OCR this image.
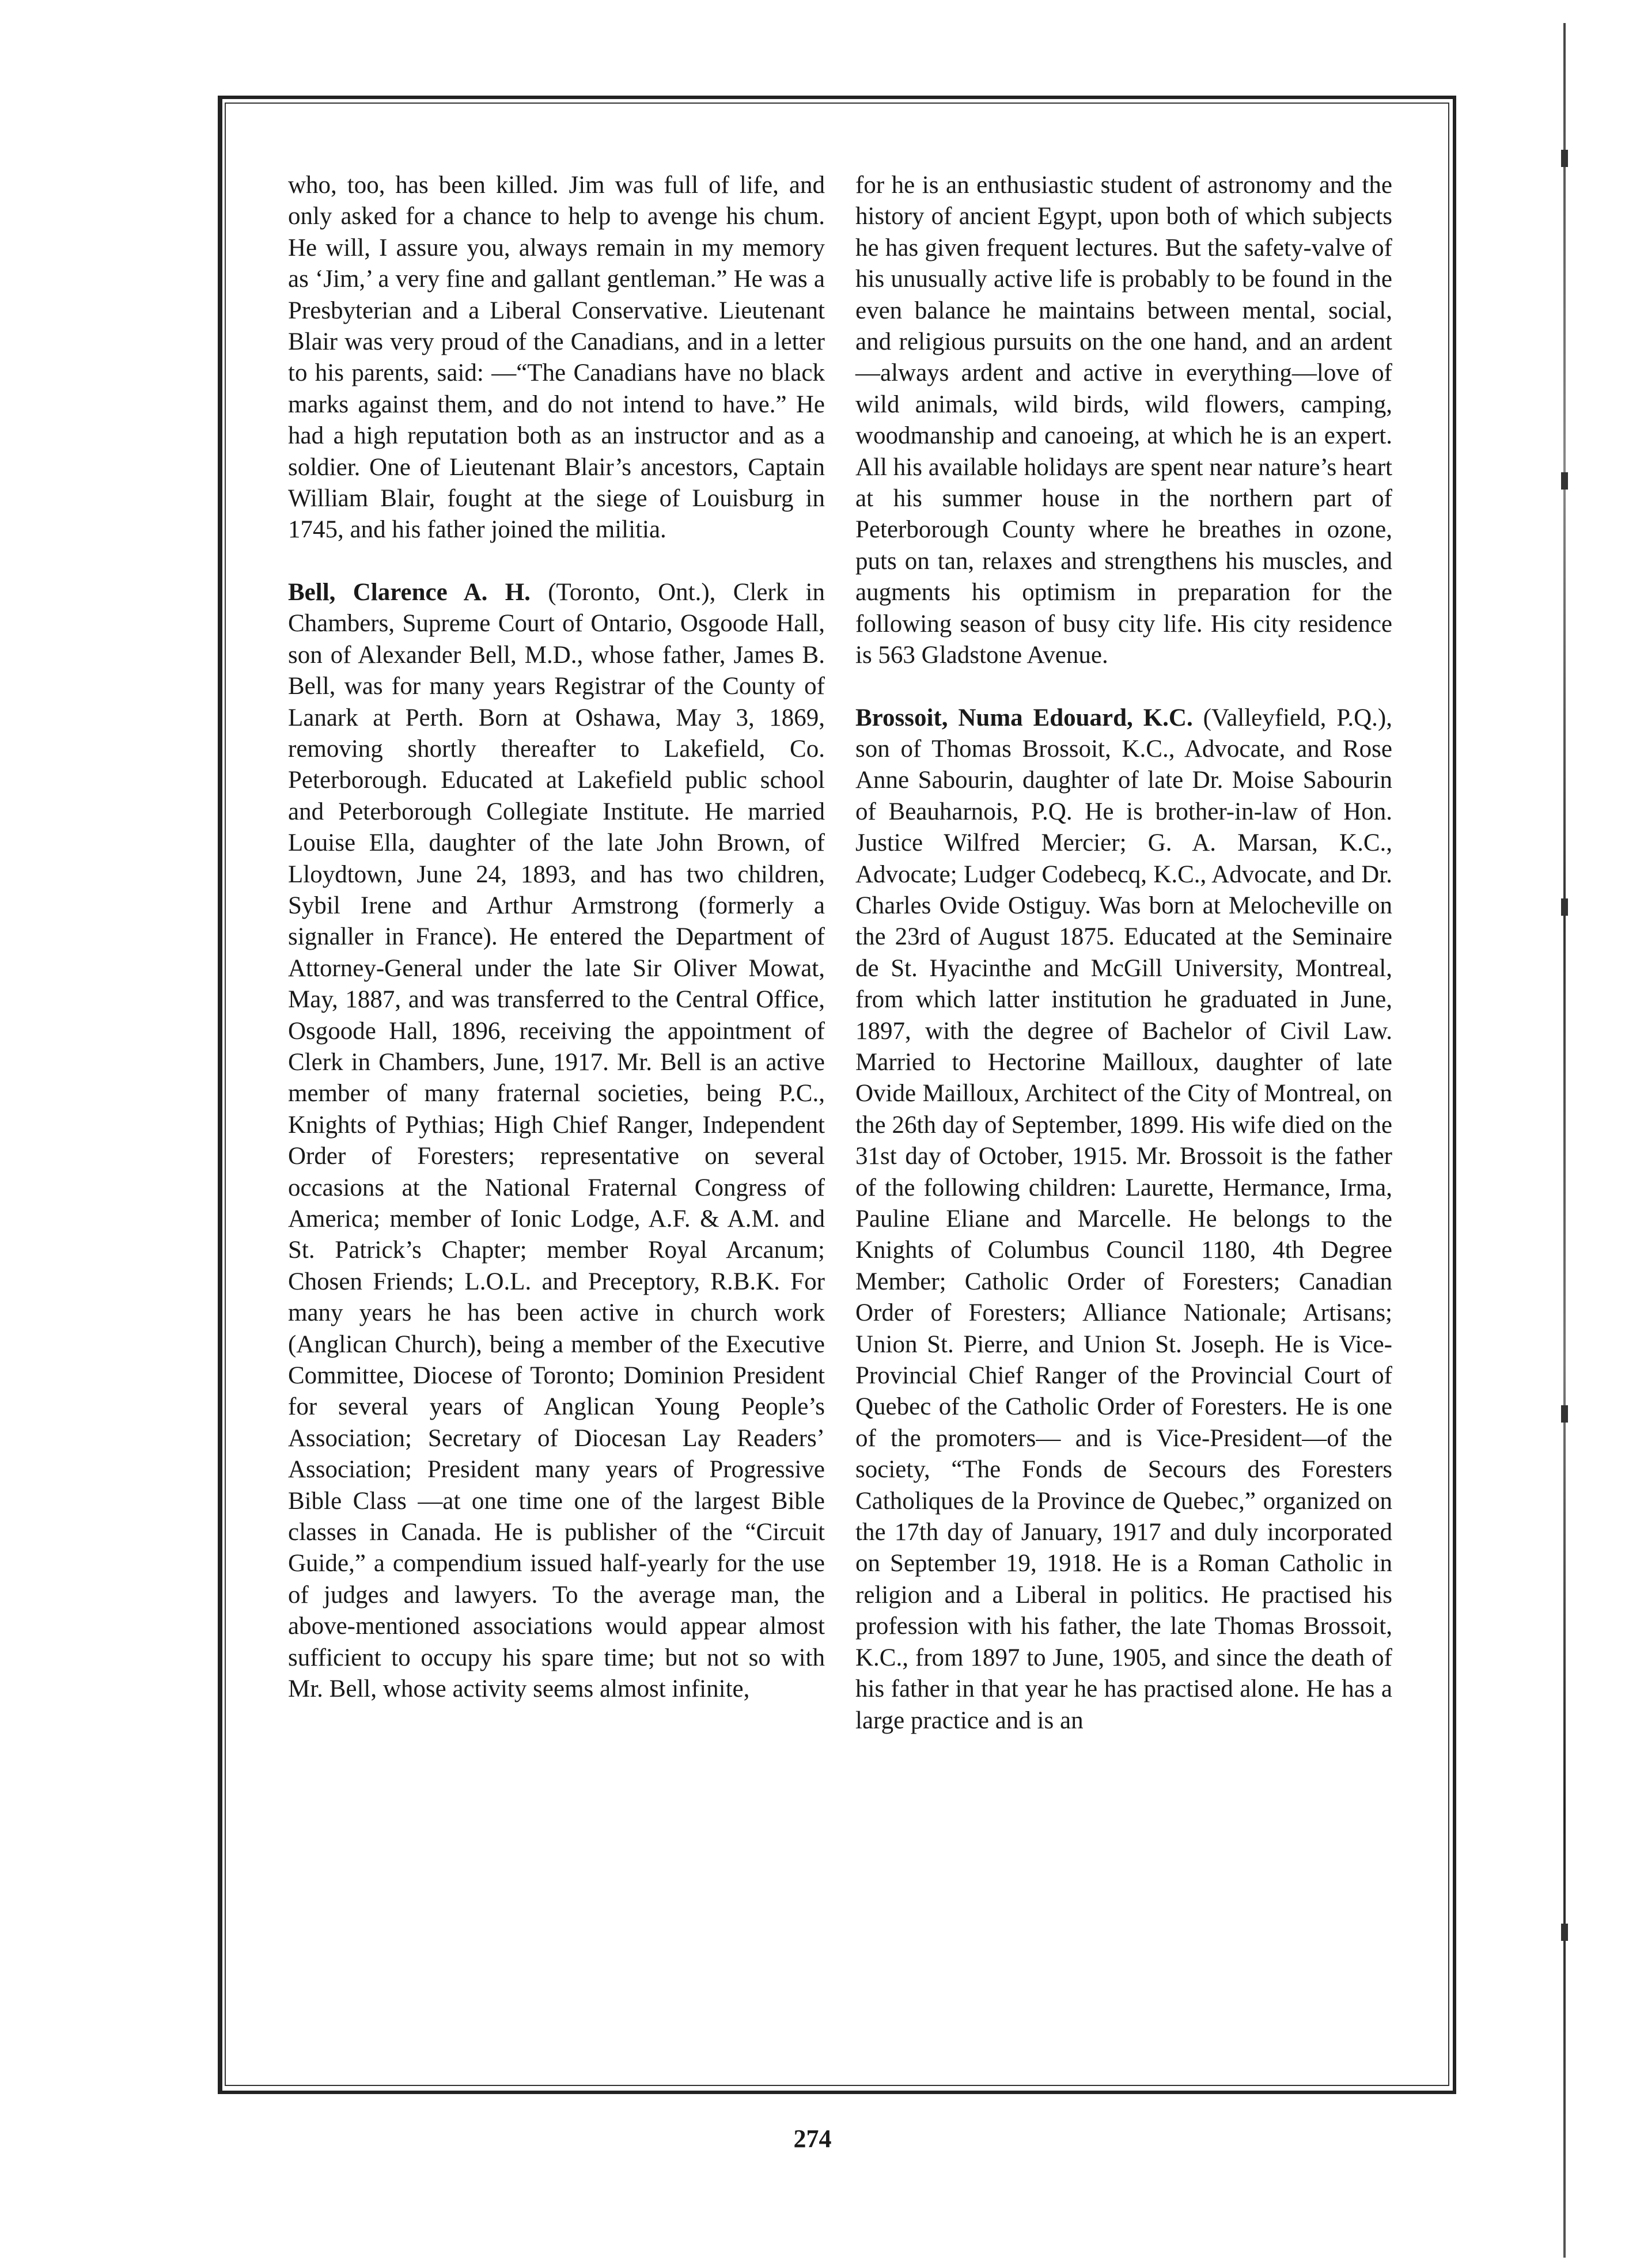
who, too, has been killed. Jim was full of life, and only asked for a chance to help to avenge his chum. He will, I assure you, always remain in my memory as ‘Jim,’ a very fine and gallant gentleman.” He was a Presbyterian and a Liberal Conservative. Lieutenant Blair was very proud of the Canadians, and in a letter to his parents, said: —“The Canadians have no black marks against them, and do not intend to have.” He had a high reputation both as an instructor and as a soldier. One of Lieutenant Blair’s ancestors, Captain William Blair, fought at the siege of Louisburg in 1745, and his father joined the militia.

Bell, Clarence A. H. (Toronto, Ont.), Clerk in Chambers, Supreme Court of Ontario, Osgoode Hall, son of Alexander Bell, M.D., whose father, James B. Bell, was for many years Registrar of the County of Lanark at Perth. Born at Oshawa, May 3, 1869, removing shortly thereafter to Lakefield, Co. Peterborough. Educated at Lakefield public school and Peterborough Collegiate Institute. He married Louise Ella, daughter of the late John Brown, of Lloydtown, June 24, 1893, and has two children, Sybil Irene and Arthur Armstrong (formerly a signaller in France). He entered the Department of Attorney-General under the late Sir Oliver Mowat, May, 1887, and was transferred to the Central Office, Osgoode Hall, 1896, receiving the appointment of Clerk in Chambers, June, 1917. Mr. Bell is an active member of many fraternal societies, being P.C., Knights of Pythias; High Chief Ranger, Independent Order of Foresters; representative on several occasions at the National Fraternal Congress of America; member of Ionic Lodge, A.F. & A.M. and St. Patrick’s Chapter; member Royal Arcanum; Chosen Friends; L.O.L. and Preceptory, R.B.K. For many years he has been active in church work (Anglican Church), being a member of the Executive Committee, Diocese of Toronto; Dominion President for several years of Anglican Young People’s Association; Secretary of Diocesan Lay Readers’ Association; President many years of Progressive Bible Class —at one time one of the largest Bible classes in Canada. He is publisher of the “Circuit Guide,” a compendium issued half-yearly for the use of judges and lawyers. To the average man, the above-mentioned associations would appear almost sufficient to occupy his spare time; but not so with Mr. Bell, whose activity seems almost infinite,

for he is an enthusiastic student of astronomy and the history of ancient Egypt, upon both of which subjects he has given frequent lectures. But the safety-valve of his unusually active life is probably to be found in the even balance he maintains between mental, social, and religious pursuits on the one hand, and an ardent—always ardent and active in everything—love of wild animals, wild birds, wild flowers, camping, woodmanship and canoeing, at which he is an expert. All his available holidays are spent near nature’s heart at his summer house in the northern part of Peterborough County where he breathes in ozone, puts on tan, relaxes and strengthens his muscles, and augments his optimism in preparation for the following season of busy city life. His city residence is 563 Gladstone Avenue.

Brossoit, Numa Edouard, K.C. (Valleyfield, P.Q.), son of Thomas Brossoit, K.C., Advocate, and Rose Anne Sabourin, daughter of late Dr. Moise Sabourin of Beauharnois, P.Q. He is brother-in-law of Hon. Justice Wilfred Mercier; G. A. Marsan, K.C., Advocate; Ludger Codebecq, K.C., Advocate, and Dr. Charles Ovide Ostiguy. Was born at Melocheville on the 23rd of August 1875. Educated at the Seminaire de St. Hyacinthe and McGill University, Montreal, from which latter institution he graduated in June, 1897, with the degree of Bachelor of Civil Law. Married to Hectorine Mailloux, daughter of late Ovide Mailloux, Architect of the City of Montreal, on the 26th day of September, 1899. His wife died on the 31st day of October, 1915. Mr. Brossoit is the father of the following children: Laurette, Hermance, Irma, Pauline Eliane and Marcelle. He belongs to the Knights of Columbus Council 1180, 4th Degree Member; Catholic Order of Foresters; Canadian Order of Foresters; Alliance Nationale; Artisans; Union St. Pierre, and Union St. Joseph. He is Vice-Provincial Chief Ranger of the Provincial Court of Quebec of the Catholic Order of Foresters. He is one of the promoters— and is Vice-President—of the society, “The Fonds de Secours des Foresters Catholiques de la Province de Quebec,” organized on the 17th day of January, 1917 and duly incorporated on September 19, 1918. He is a Roman Catholic in religion and a Liberal in politics. He practised his profession with his father, the late Thomas Brossoit, K.C., from 1897 to June, 1905, and since the death of his father in that year he has practised alone. He has a large practice and is an

274
